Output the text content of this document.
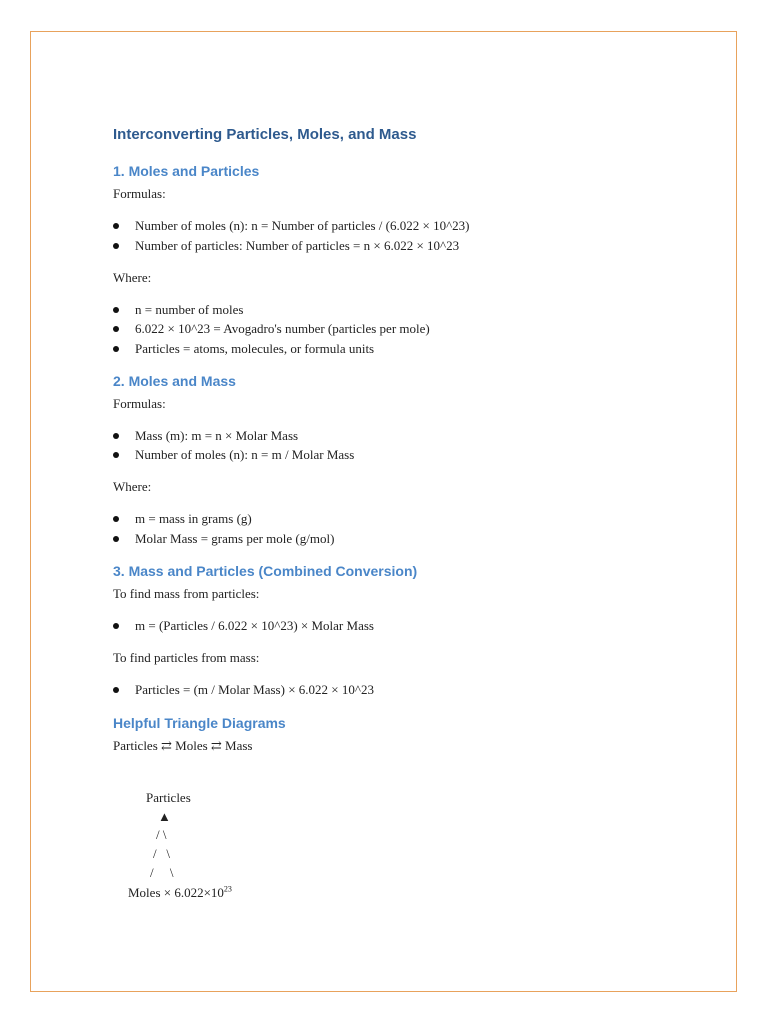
Interconverting Particles, Moles, and Mass
1. Moles and Particles
Formulas:
Number of moles (n): n = Number of particles / (6.022 × 10^23)
Number of particles: Number of particles = n × 6.022 × 10^23
Where:
n = number of moles
6.022 × 10^23 = Avogadro's number (particles per mole)
Particles = atoms, molecules, or formula units
2. Moles and Mass
Formulas:
Mass (m): m = n × Molar Mass
Number of moles (n): n = m / Molar Mass
Where:
m = mass in grams (g)
Molar Mass = grams per mole (g/mol)
3. Mass and Particles (Combined Conversion)
To find mass from particles:
m = (Particles / 6.022 × 10^23) × Molar Mass
To find particles from mass:
Particles = (m / Molar Mass) × 6.022 × 10^23
Helpful Triangle Diagrams
Particles ⇄ Moles ⇄ Mass
Particles
▲
/ \
/   \
/     \
Moles × $6.022\times 10^{23}$
